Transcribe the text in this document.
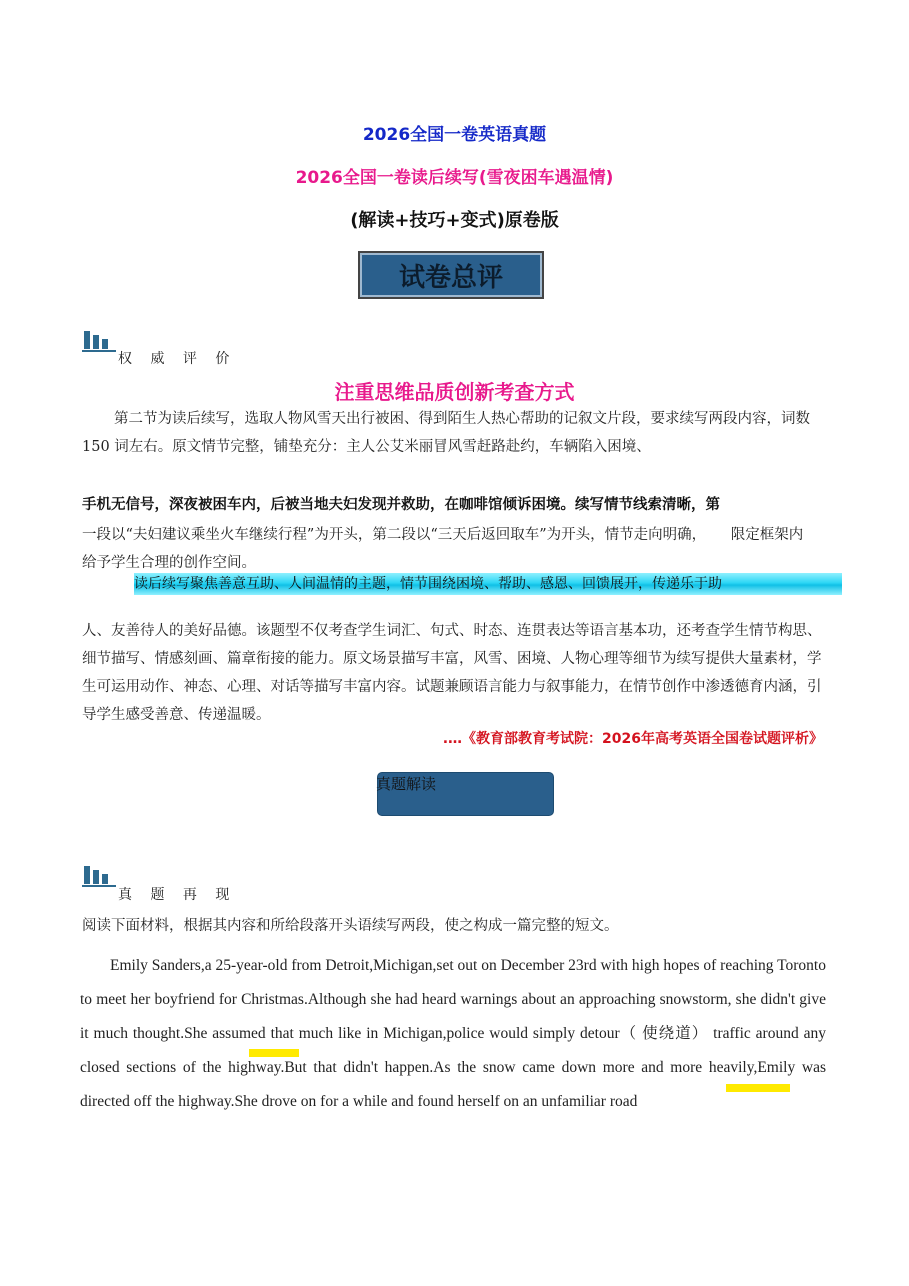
2026全国一卷英语真题
2026全国一卷读后续写(雪夜困车遇温情)
(解读+技巧+变式)原卷版
试卷总评
权 威 评 价
注重思维品质创新考查方式
第二节为读后续写，选取人物风雪天出行被困、得到陌生人热心帮助的记叙文片段，要求续写两段内容，词数 150 词左右。原文情节完整，铺垫充分：主人公艾米丽冒风雪赶路赴约，车辆陷入困境、
手机无信号，深夜被困车内，后被当地夫妇发现并救助，在咖啡馆倾诉困境。续写情节线索清晰，第
一段以“夫妇建议乘坐火车继续行程”为开头，第二段以“三天后返回取车”为开头，情节走向明确， 限定框架内给予学生合理的创作空间。
读后续写聚焦善意互助、人间温情的主题，情节围绕困境、帮助、感恩、回馈展开，传递乐于助
人、友善待人的美好品德。该题型不仅考查学生词汇、句式、时态、连贯表达等语言基本功，还考查学生情节构思、细节描写、情感刻画、篇章衔接的能力。原文场景描写丰富，风雪、困境、人物心理等细节为续写提供大量素材，学生可运用动作、神态、心理、对话等描写丰富内容。试题兼顾语言能力与叙事能力，在情节创作中渗透德育内涵，引导学生感受善意、传递温暖。
.…《教育部教育考试院：2026年高考英语全国卷试题评析》
真题解读
真 题 再 现
阅读下面材料，根据其内容和所给段落开头语续写两段，使之构成一篇完整的短文。
Emily Sanders,a 25-year-old from Detroit,Michigan,set out on December 23rd with high hopes of reaching Toronto to meet her boyfriend for Christmas.Although she had heard warnings about an approaching snowstorm, she didn't give it much thought.She assumed that much like in Michigan,police would simply detour（ 使绕道） traffic around any closed sections of the highway.But that didn't happen.As the snow came down more and more heavily,Emily was directed off the highway.She drove on for a while and found herself on an unfamiliar road
